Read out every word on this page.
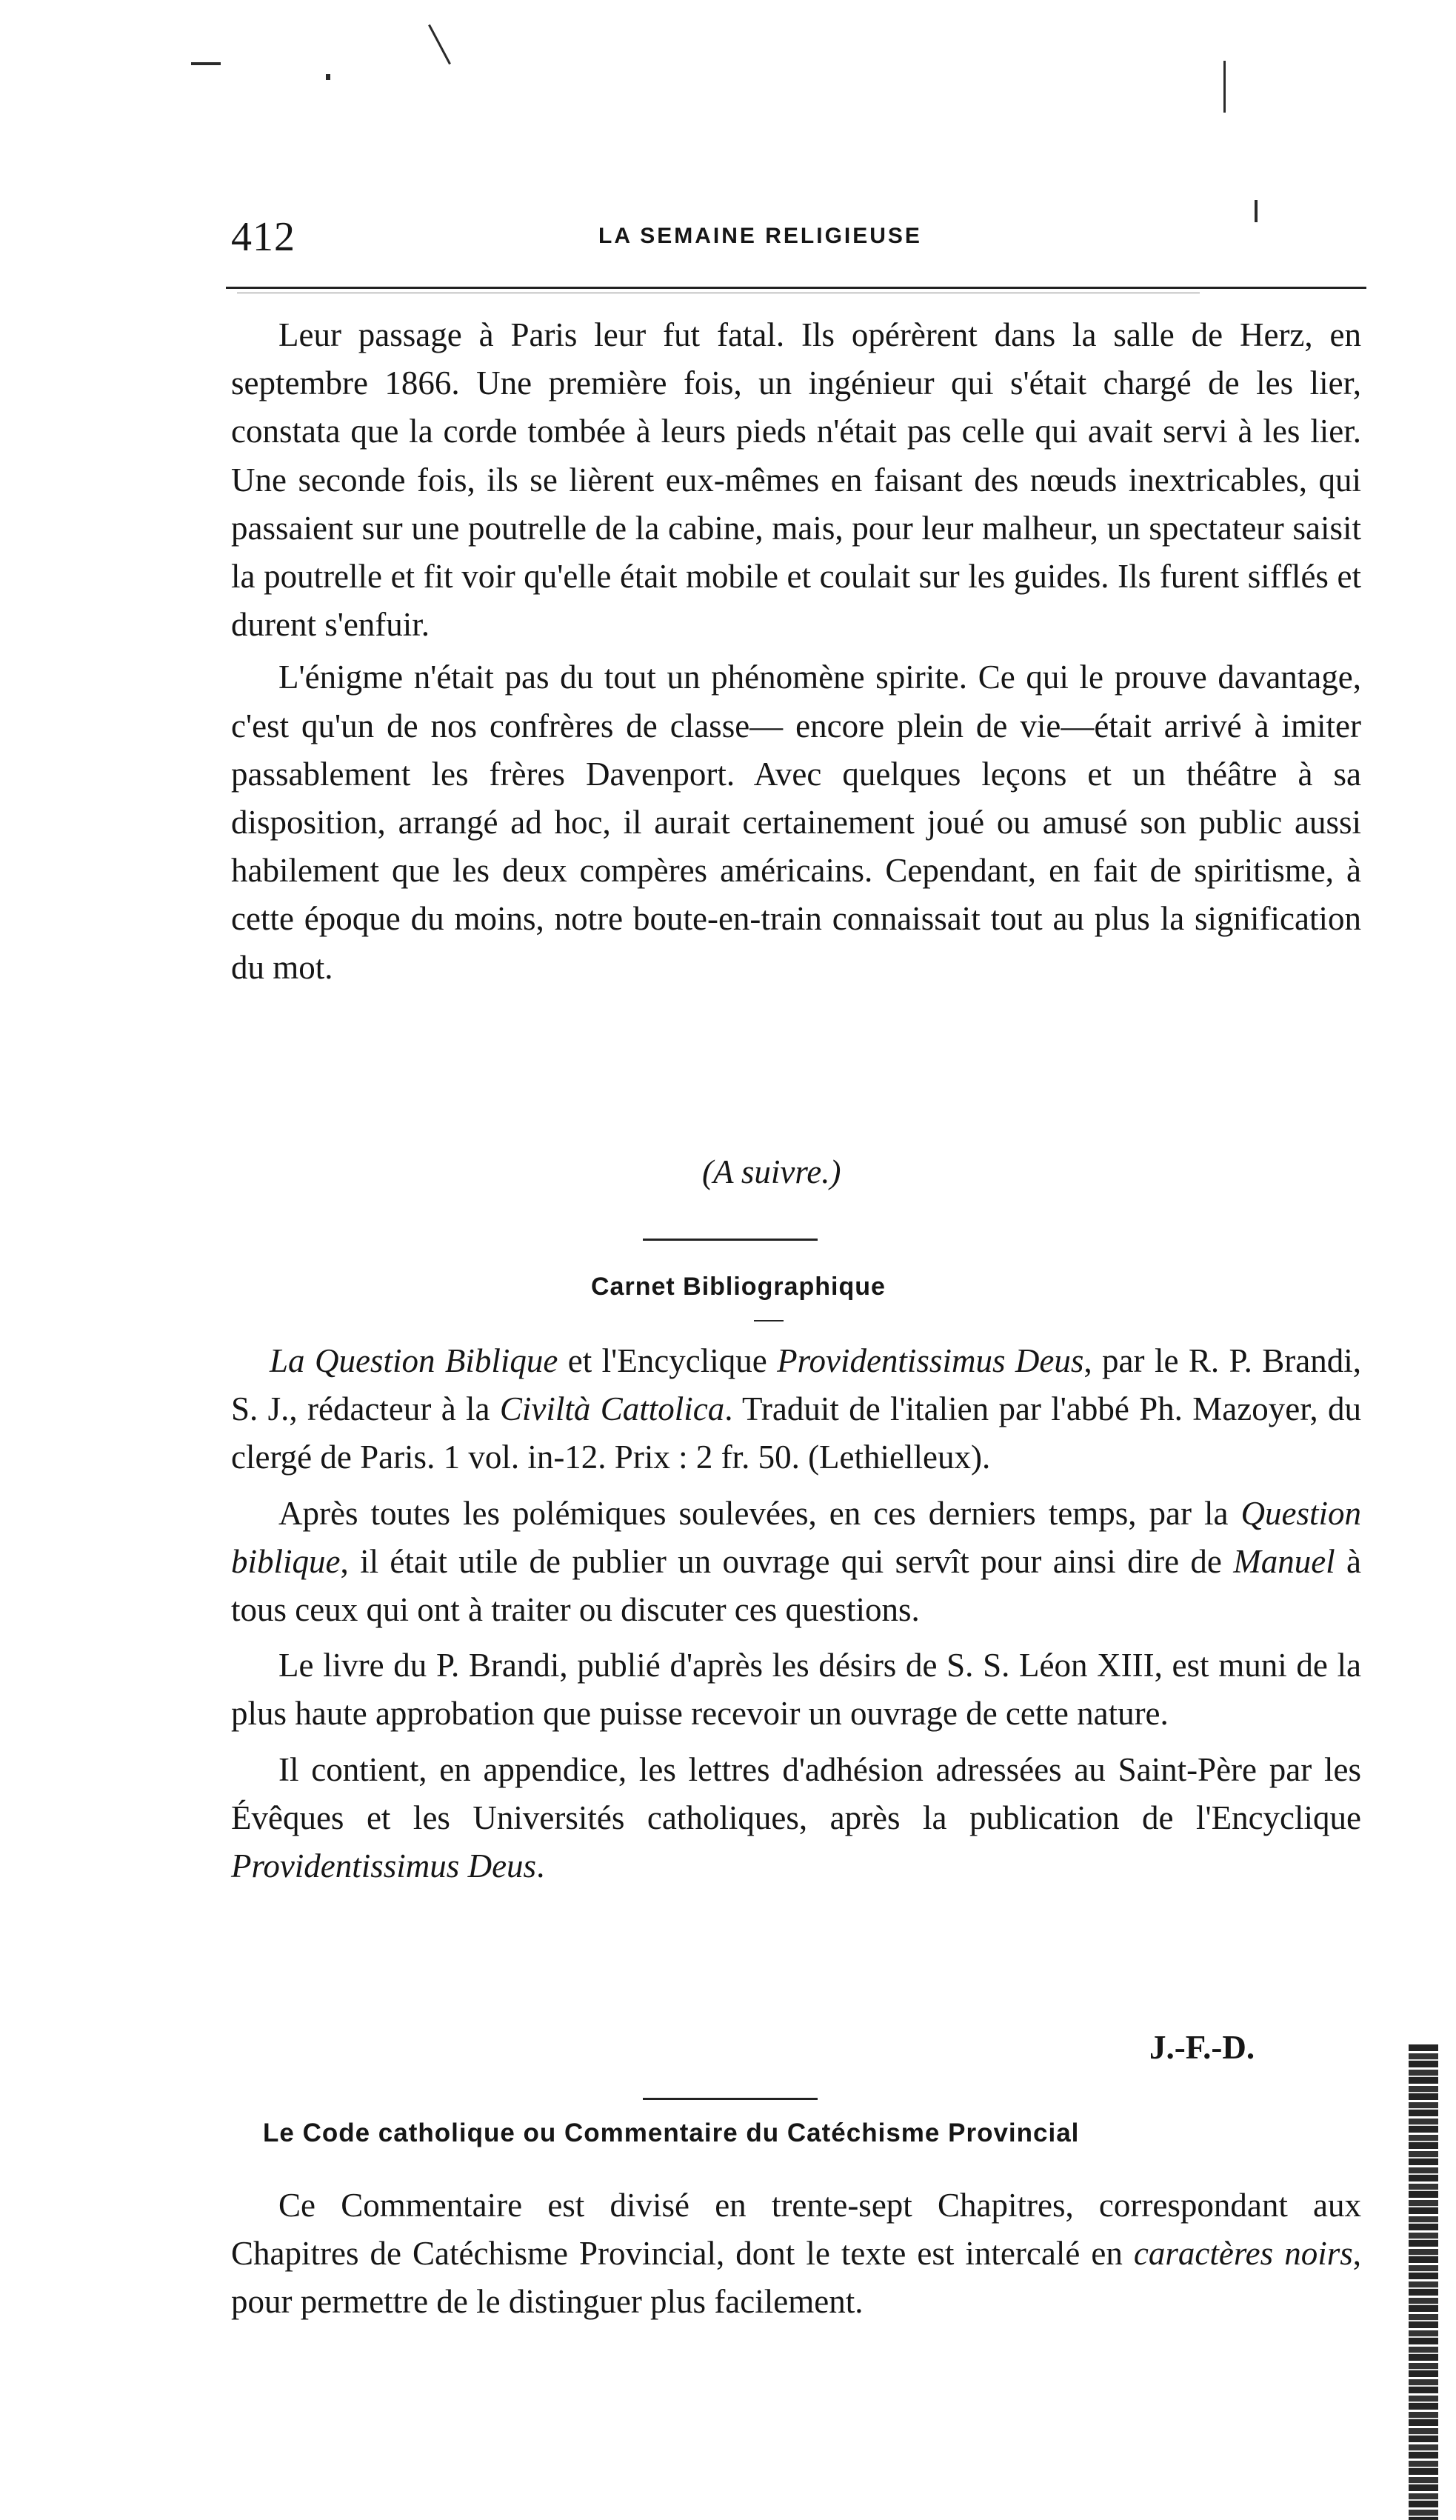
412	LA SEMAINE RELIGIEUSE

Leur passage à Paris leur fut fatal. Ils opérèrent dans la salle de Herz, en septembre 1866. Une première fois, un ingénieur qui s'était chargé de les lier, constata que la corde tombée à leurs pieds n'était pas celle qui avait servi à les lier. Une seconde fois, ils se lièrent eux-mêmes en faisant des nœuds inextricables, qui passaient sur une poutrelle de la cabine, mais, pour leur malheur, un spectateur saisit la poutrelle et fit voir qu'elle était mobile et coulait sur les guides. Ils furent sifflés et durent s'enfuir.

L'énigme n'était pas du tout un phénomène spirite. Ce qui le prouve davantage, c'est qu'un de nos confrères de classe— encore plein de vie—était arrivé à imiter passablement les frères Davenport. Avec quelques leçons et un théâtre à sa disposition, arrangé ad hoc, il aurait certainement joué ou amusé son public aussi habilement que les deux compères américains. Cependant, en fait de spiritisme, à cette époque du moins, notre boute-en-train connaissait tout au plus la signification du mot.

(A suivre.)
Carnet Bibliographique

La Question Biblique et l'Encyclique Providentissimus Deus, par le R. P. Brandi, S. J., rédacteur à la Civiltà Cattolica. Traduit de l'italien par l'abbé Ph. Mazoyer, du clergé de Paris. 1 vol. in-12. Prix : 2 fr. 50. (Lethielleux).

Après toutes les polémiques soulevées, en ces derniers temps, par la Question biblique, il était utile de publier un ouvrage qui servît pour ainsi dire de Manuel à tous ceux qui ont à traiter ou discuter ces questions.

Le livre du P. Brandi, publié d'après les désirs de S. S. Léon XIII, est muni de la plus haute approbation que puisse recevoir un ouvrage de cette nature.

Il contient, en appendice, les lettres d'adhésion adressées au Saint-Père par les Évêques et les Universités catholiques, après la publication de l'Encyclique Providentissimus Deus.

J.-F.-D.
Le Code catholique ou Commentaire du Catéchisme Provincial

Ce Commentaire est divisé en trente-sept Chapitres, correspondant aux Chapitres de Catéchisme Provincial, dont le texte est intercalé en caractères noirs, pour permettre de le distinguer plus facilement.
